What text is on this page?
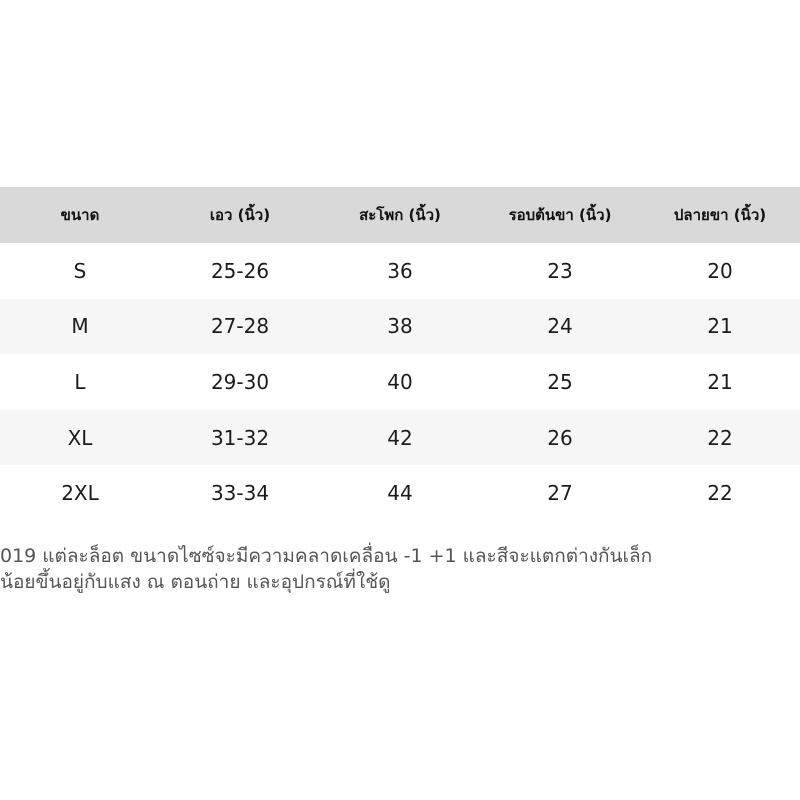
ขนาด	เอว (นิ้ว)	สะโพก (นิ้ว)	รอบต้นขา (นิ้ว)	ปลายขา (นิ้ว)
S	25-26	36	23	20
M	27-28	38	24	21
L	29-30	40	25	21
XL	31-32	42	26	22
2XL	33-34	44	27	22
019 แต่ละล็อต ขนาดไซซ์จะมีความคลาดเคลื่อน -1 +1 และสีจะแตกต่างกันเล็ก
น้อยขึ้นอยู่กับแสง ณ ตอนถ่าย และอุปกรณ์ที่ใช้ดู
